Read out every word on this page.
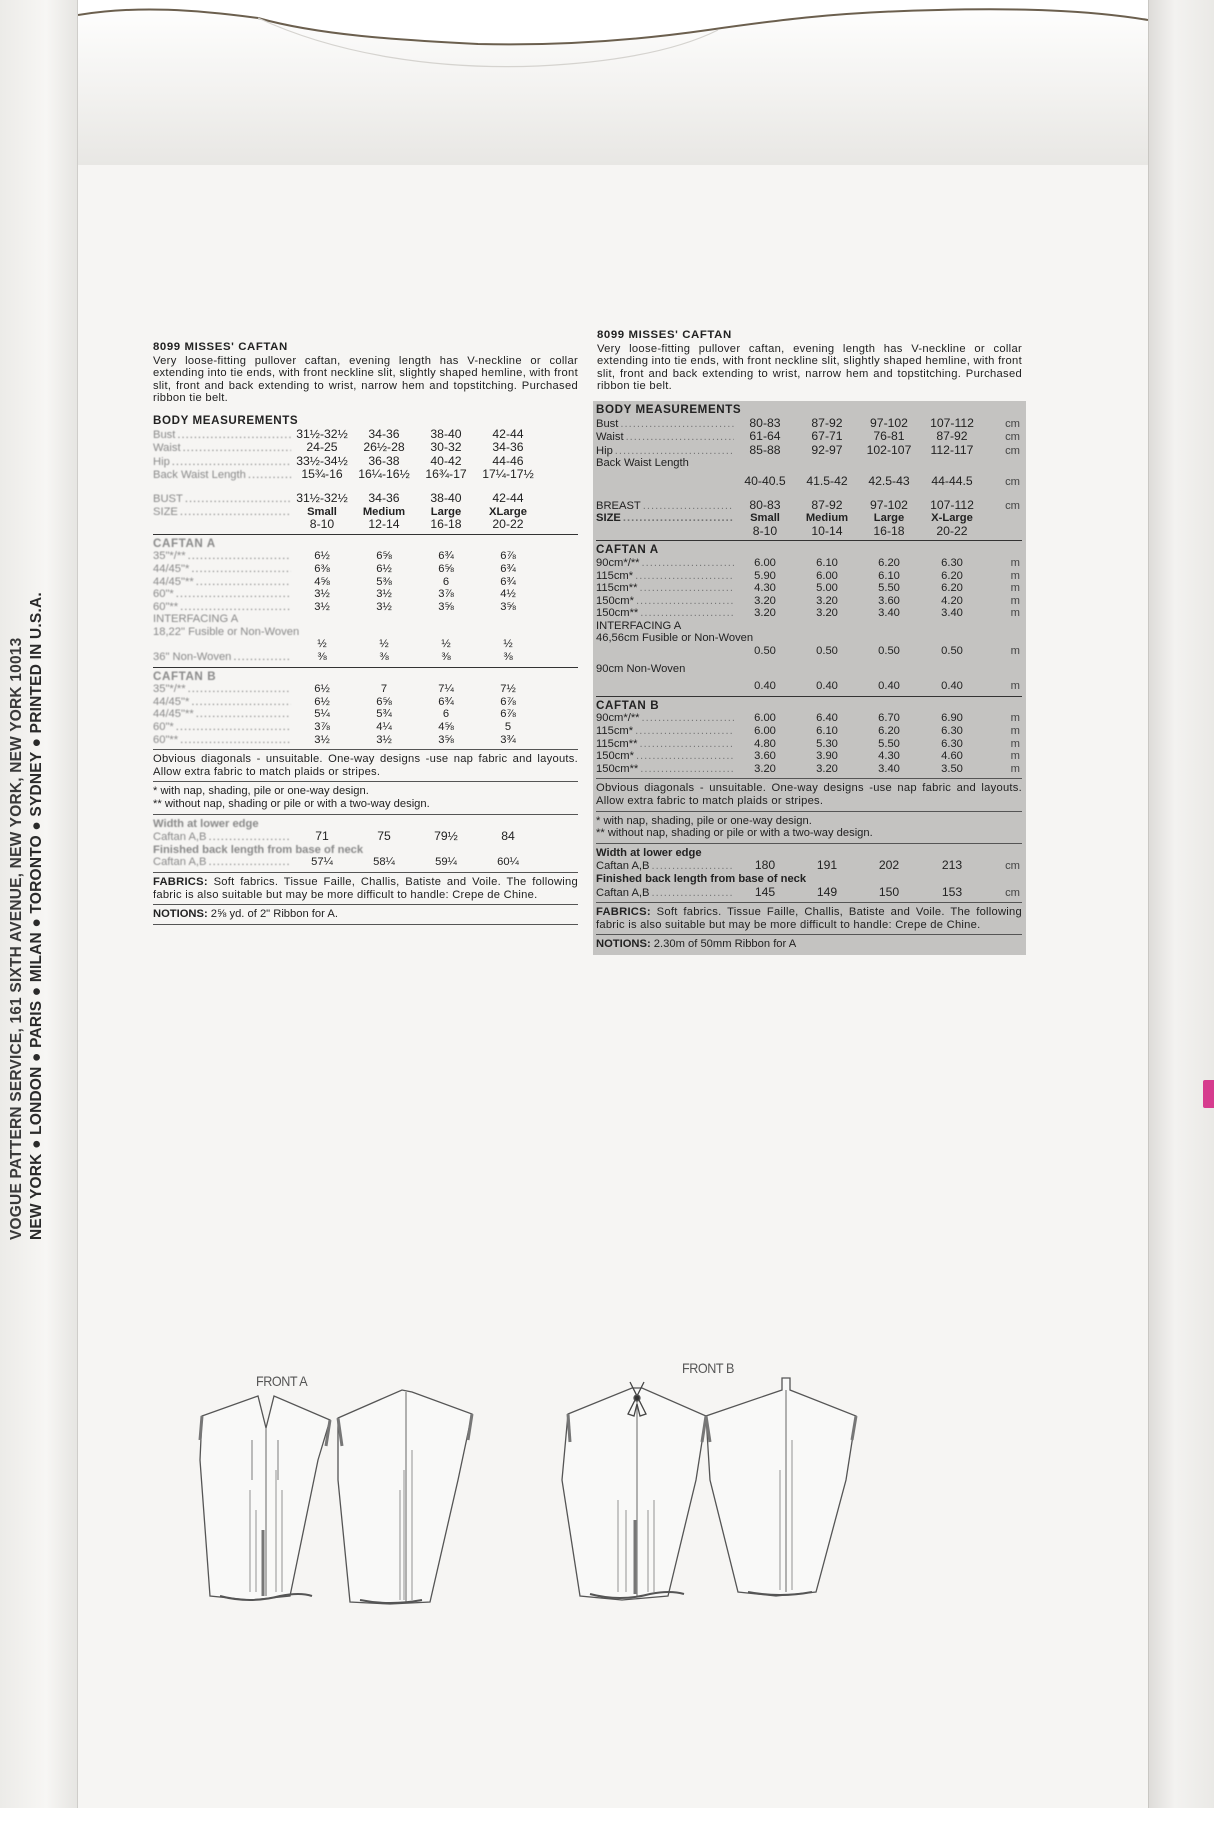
VOGUE PATTERN SERVICE, 161 SIXTH AVENUE, NEW YORK, NEW YORK 10013 NEW YORK ● LONDON ● PARIS ● MILAN ● TORONTO ● SYDNEY ● PRINTED IN U.S.A.
8099 MISSES' CAFTAN
Very loose-fitting pullover caftan, evening length has V-neckline or collar extending into tie ends, with front neckline slit, slightly shaped hemline, with front slit, front and back extending to wrist, narrow hem and topstitching. Purchased ribbon tie belt.
BODY MEASUREMENTS
Bust .....	31½-32½	34-36	38-40	42-44
Waist .....	24-25	26½-28	30-32	34-36
Hip .....	33½-34½	36-38	40-42	44-46
Back Waist Length .....	15¾-16	16¼-16½	16¾-17	17¼-17½
BUST .....	31½-32½	34-36	38-40	42-44
SIZE .....	Small	Medium	Large	XLarge
8-10	12-14	16-18	20-22
CAFTAN A
35"*/** .....	6½	6⅝	6¾	6⅞
44/45"* .....	6⅜	6½	6⅝	6¾
44/45"** .....	4⅝	5⅜	6	6¾
60"* .....	3½	3½	3⅞	4½
60"** .....	3½	3½	3⅝	3⅝
INTERFACING A
18,22" Fusible or Non-Woven
½	½	½	½
36" Non-Woven .....	⅜	⅜	⅜	⅜
CAFTAN B
35"*/** .....	6½	7	7¼	7½
44/45"* .....	6½	6⅝	6¾	6⅞
44/45"** .....	5¼	5¾	6	6⅞
60"* .....	3⅞	4¼	4⅝	5
60"** .....	3½	3½	3⅝	3¾
Obvious diagonals - unsuitable. One-way designs -use nap fabric and layouts. Allow extra fabric to match plaids or stripes.
* with nap, shading, pile or one-way design.
** without nap, shading or pile or with a two-way design.
Width at lower edge
Caftan A,B .....	71	75	79½	84
Finished back length from base of neck
Caftan A,B .....	57¼	58¼	59¼	60¼
FABRICS: Soft fabrics. Tissue Faille, Challis, Batiste and Voile. The following fabric is also suitable but may be more difficult to handle: Crepe de Chine.
NOTIONS: 2⅝ yd. of 2" Ribbon for A.
8099 MISSES' CAFTAN
Very loose-fitting pullover caftan, evening length has V-neckline or collar extending into tie ends, with front neckline slit, slightly shaped hemline, with front slit, front and back extending to wrist, narrow hem and topstitching. Purchased ribbon tie belt.
BODY MEASUREMENTS
Bust .....	80-83	87-92	97-102	107-112	cm
Waist .....	61-64	67-71	76-81	87-92	cm
Hip .....	85-88	92-97	102-107	112-117	cm
Back Waist Length
40-40.5	41.5-42	42.5-43	44-44.5	cm
BREAST .....	80-83	87-92	97-102	107-112	cm
SIZE .....	Small	Medium	Large	X-Large
8-10	10-14	16-18	20-22
CAFTAN A
90cm*/** .....	6.00	6.10	6.20	6.30	m
115cm* .....	5.90	6.00	6.10	6.20	m
115cm** .....	4.30	5.00	5.50	6.20	m
150cm* .....	3.20	3.20	3.60	4.20	m
150cm** .....	3.20	3.20	3.40	3.40	m
INTERFACING A
46,56cm Fusible or Non-Woven
0.50	0.50	0.50	0.50	m
90cm Non-Woven
0.40	0.40	0.40	0.40	m
CAFTAN B
90cm*/** .....	6.00	6.40	6.70	6.90	m
115cm* .....	6.00	6.10	6.20	6.30	m
115cm** .....	4.80	5.30	5.50	6.30	m
150cm* .....	3.60	3.90	4.30	4.60	m
150cm** .....	3.20	3.20	3.40	3.50	m
Obvious diagonals - unsuitable. One-way designs -use nap fabric and layouts. Allow extra fabric to match plaids or stripes.
* with nap, shading, pile or one-way design.
** without nap, shading or pile or with a two-way design.
Width at lower edge
Caftan A,B .....	180	191	202	213	cm
Finished back length from base of neck
Caftan A,B .....	145	149	150	153	cm
FABRICS: Soft fabrics. Tissue Faille, Challis, Batiste and Voile. The following fabric is also suitable but may be more difficult to handle: Crepe de Chine.
NOTIONS: 2.30m of 50mm Ribbon for A
FRONT A
FRONT B
